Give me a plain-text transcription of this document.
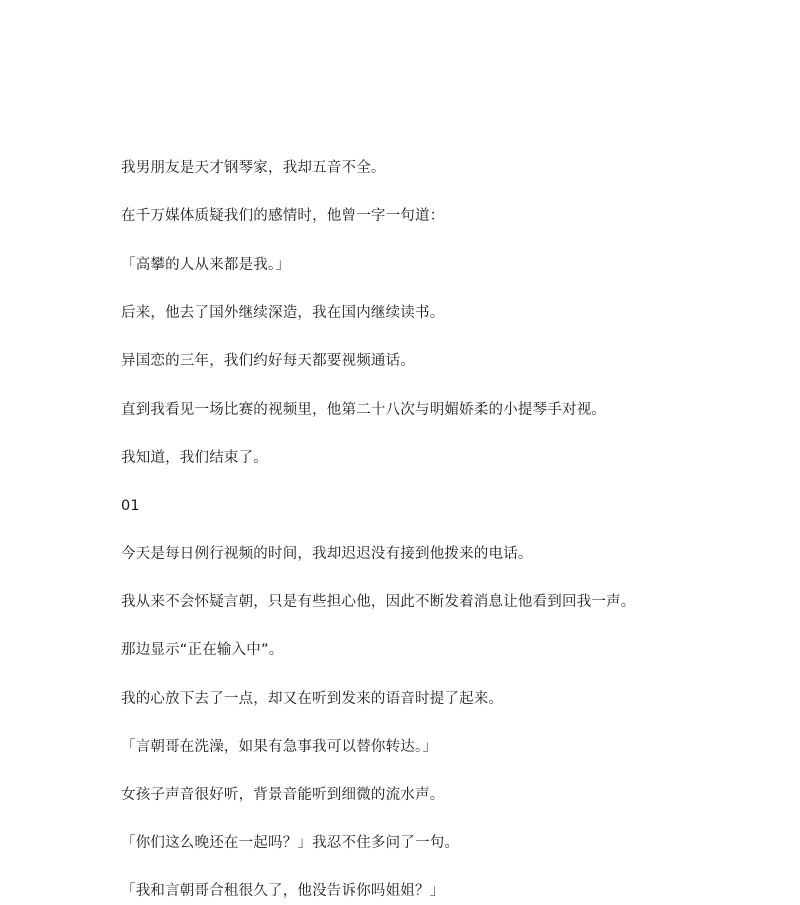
我男朋友是天才钢琴家，我却五音不全。

在千万媒体质疑我们的感情时，他曾一字一句道：

「高攀的人从来都是我。」

后来，他去了国外继续深造，我在国内继续读书。

异国恋的三年，我们约好每天都要视频通话。

直到我看见一场比赛的视频里，他第二十八次与明媚娇柔的小提琴手对视。

我知道，我们结束了。

01

今天是每日例行视频的时间，我却迟迟没有接到他拨来的电话。

我从来不会怀疑言朝，只是有些担心他，因此不断发着消息让他看到回我一声。

那边显示“正在输入中”。

我的心放下去了一点，却又在听到发来的语音时提了起来。

「言朝哥在洗澡，如果有急事我可以替你转达。」

女孩子声音很好听，背景音能听到细微的流水声。

「你们这么晚还在一起吗？」我忍不住多问了一句。

「我和言朝哥合租很久了，他没告诉你吗姐姐？」
